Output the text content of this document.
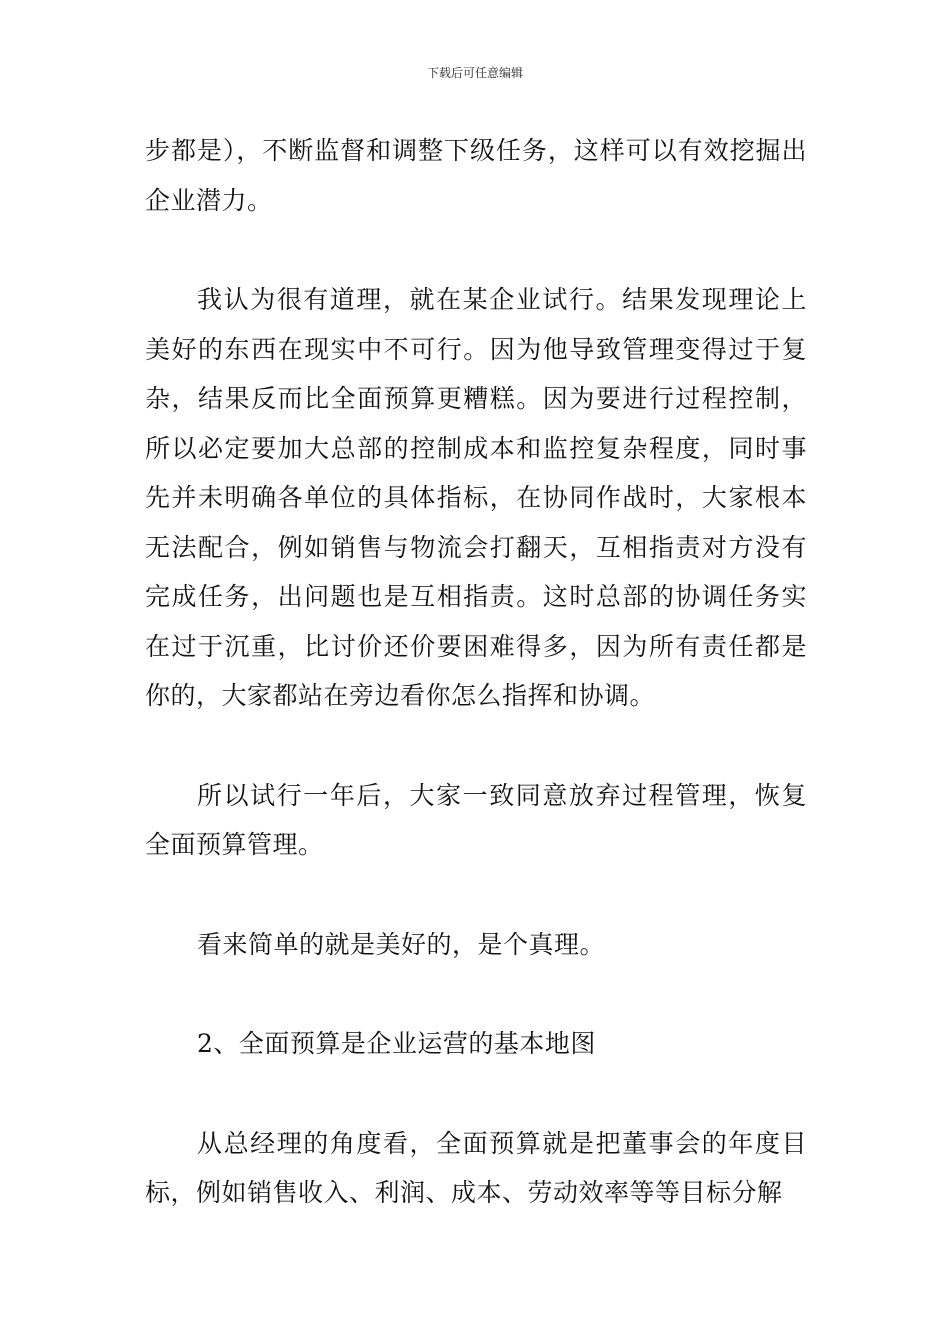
下载后可任意编辑

步都是），不断监督和调整下级任务，这样可以有效挖掘出企业潜力。

我认为很有道理，就在某企业试行。结果发现理论上美好的东西在现实中不可行。因为他导致管理变得过于复杂，结果反而比全面预算更糟糕。因为要进行过程控制，所以必定要加大总部的控制成本和监控复杂程度，同时事先并未明确各单位的具体指标，在协同作战时，大家根本无法配合，例如销售与物流会打翻天，互相指责对方没有完成任务，出问题也是互相指责。这时总部的协调任务实在过于沉重，比讨价还价要困难得多，因为所有责任都是你的，大家都站在旁边看你怎么指挥和协调。

所以试行一年后，大家一致同意放弃过程管理，恢复全面预算管理。

看来简单的就是美好的，是个真理。

2、全面预算是企业运营的基本地图

从总经理的角度看，全面预算就是把董事会的年度目标，例如销售收入、利润、成本、劳动效率等等目标分解
